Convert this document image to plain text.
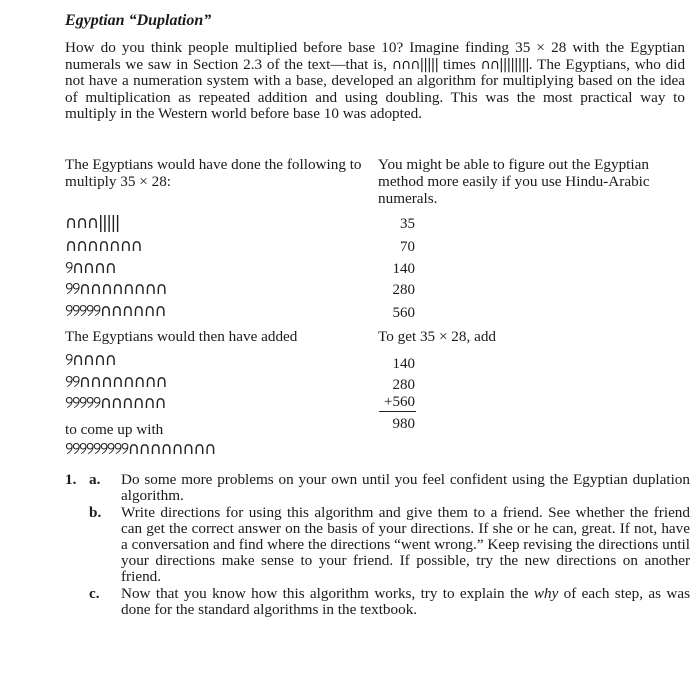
Egyptian “Duplation”
How do you think people multiplied before base 10? Imagine finding 35 × 28 with the Egyptian numerals we saw in Section 2.3 of the text—that is, ∩∩∩||||| times ∩∩||||||||. The Egyptians, who did not have a numeration system with a base, developed an algorithm for multiplying based on the idea of multiplication as repeated addition and using doubling. This was the most practical way to multiply in the Western world before base 10 was adopted.
The Egyptians would have done the following to multiply 35 × 28:
You might be able to figure out the Egyptian method more easily if you use Hindu-Arabic numerals.
∩∩∩|||||	35
∩∩∩∩∩∩∩	70
୨∩∩∩∩	140
୨୨∩∩∩∩∩∩∩∩	280
୨୨୨୨୨∩∩∩∩∩∩	560
The Egyptians would then have added	To get 35 × 28, add
୨∩∩∩∩	140
୨୨∩∩∩∩∩∩∩∩	280
୨୨୨୨୨∩∩∩∩∩∩	+560
to come up with	980
୨୨୨୨୨୨୨୨୨∩∩∩∩∩∩∩∩
1. a. Do some more problems on your own until you feel confident using the Egyptian duplation algorithm.
b. Write directions for using this algorithm and give them to a friend. See whether the friend can get the correct answer on the basis of your directions. If she or he can, great. If not, have a conversation and find where the directions “went wrong.” Keep revising the directions until your directions make sense to your friend. If possible, try the new directions on another friend.
c. Now that you know how this algorithm works, try to explain the why of each step, as was done for the standard algorithms in the textbook.
